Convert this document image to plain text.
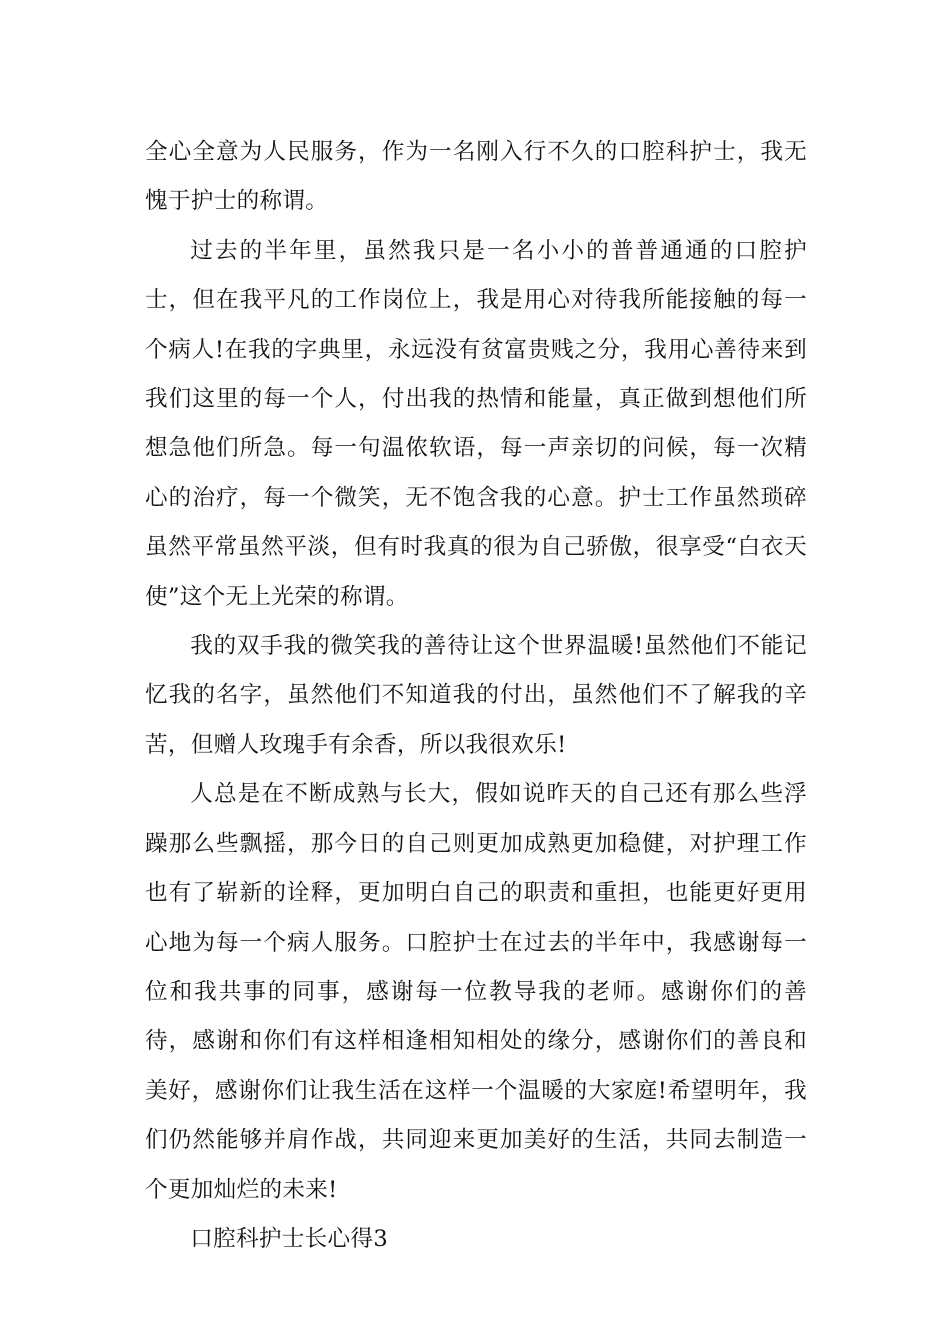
全心全意为人民服务，作为一名刚入行不久的口腔科护士，我无愧于护士的称谓。

过去的半年里，虽然我只是一名小小的普普通通的口腔护士，但在我平凡的工作岗位上，我是用心对待我所能接触的每一个病人!在我的字典里，永远没有贫富贵贱之分，我用心善待来到我们这里的每一个人，付出我的热情和能量，真正做到想他们所想急他们所急。每一句温侬软语，每一声亲切的问候，每一次精心的治疗，每一个微笑，无不饱含我的心意。护士工作虽然琐碎虽然平常虽然平淡，但有时我真的很为自己骄傲，很享受“白衣天使”这个无上光荣的称谓。

我的双手我的微笑我的善待让这个世界温暖!虽然他们不能记忆我的名字，虽然他们不知道我的付出，虽然他们不了解我的辛苦，但赠人玫瑰手有余香，所以我很欢乐!

人总是在不断成熟与长大，假如说昨天的自己还有那么些浮躁那么些飘摇，那今日的自己则更加成熟更加稳健，对护理工作也有了崭新的诠释，更加明白自己的职责和重担，也能更好更用心地为每一个病人服务。口腔护士在过去的半年中，我感谢每一位和我共事的同事，感谢每一位教导我的老师。感谢你们的善待，感谢和你们有这样相逢相知相处的缘分，感谢你们的善良和美好，感谢你们让我生活在这样一个温暖的大家庭!希望明年，我们仍然能够并肩作战，共同迎来更加美好的生活，共同去制造一个更加灿烂的未来!

口腔科护士长心得3
